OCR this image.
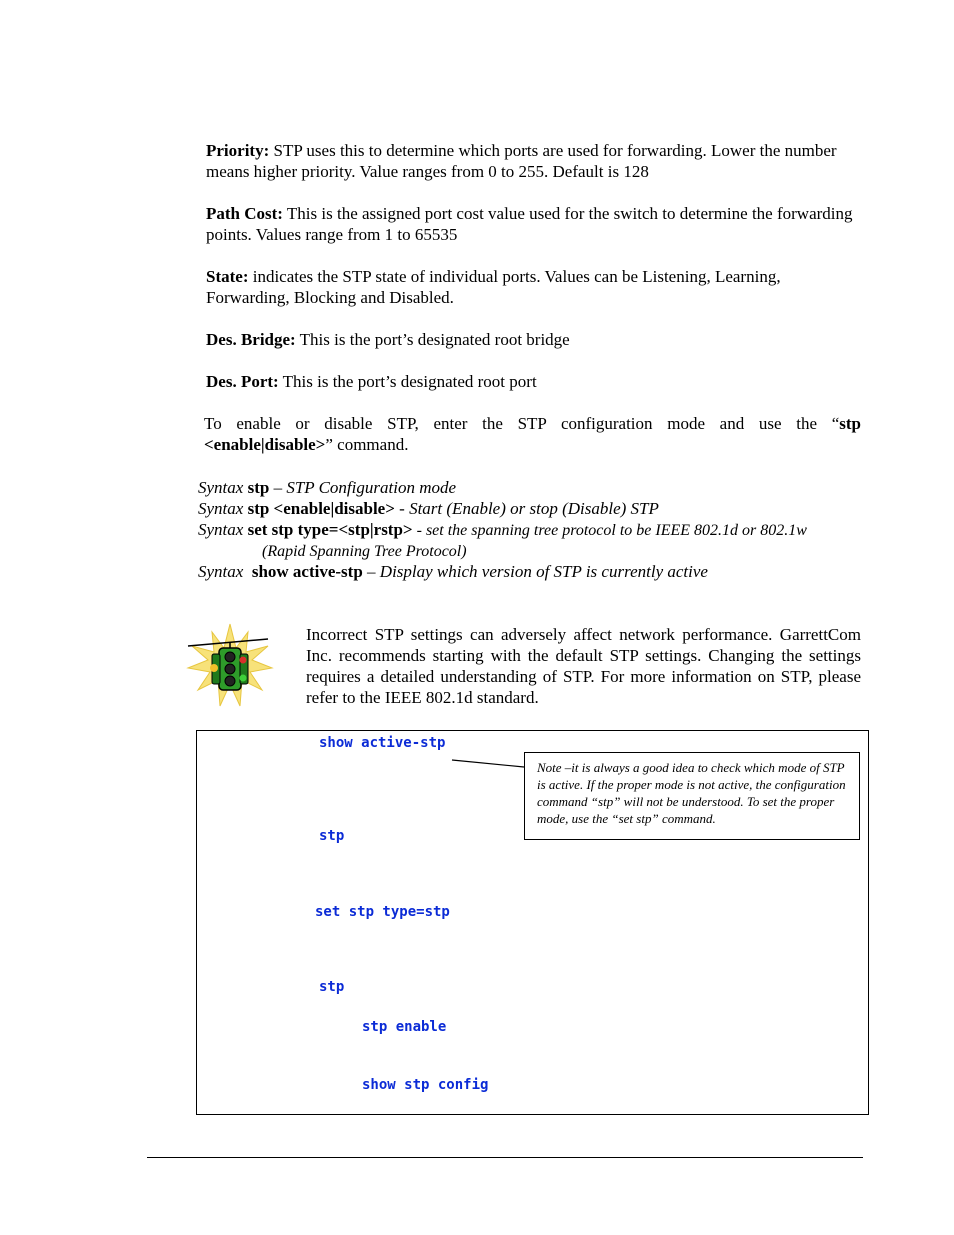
Priority: STP uses this to determine which ports are used for forwarding. Lower the number means higher priority. Value ranges from 0 to 255. Default is 128
Path Cost: This is the assigned port cost value used for the switch to determine the forwarding points. Values range from 1 to 65535
State: indicates the STP state of individual ports. Values can be Listening, Learning, Forwarding, Blocking and Disabled.
Des. Bridge: This is the port’s designated root bridge
Des. Port: This is the port’s designated root port
To enable or disable STP, enter the STP configuration mode and use the “stp
<enable|disable>” command.
Syntax stp – STP Configuration mode
Syntax stp <enable|disable> - Start (Enable) or stop (Disable) STP
Syntax set stp type=<stp|rstp> - set the spanning tree protocol to be IEEE 802.1d or 802.1w
(Rapid Spanning Tree Protocol)
Syntax show active-stp – Display which version of STP is currently active
Incorrect STP settings can adversely affect network performance. GarrettCom Inc. recommends starting with the default STP settings. Changing the settings requires a detailed understanding of STP. For more information on STP, please refer to the IEEE 802.1d standard.
show active-stp
stp
set stp type=stp
stp
stp enable
show stp config
Note –it is always a good idea to check which mode of STP is active. If the proper mode is not active, the configuration command “stp” will not be understood. To set the proper mode, use the “set stp” command.
